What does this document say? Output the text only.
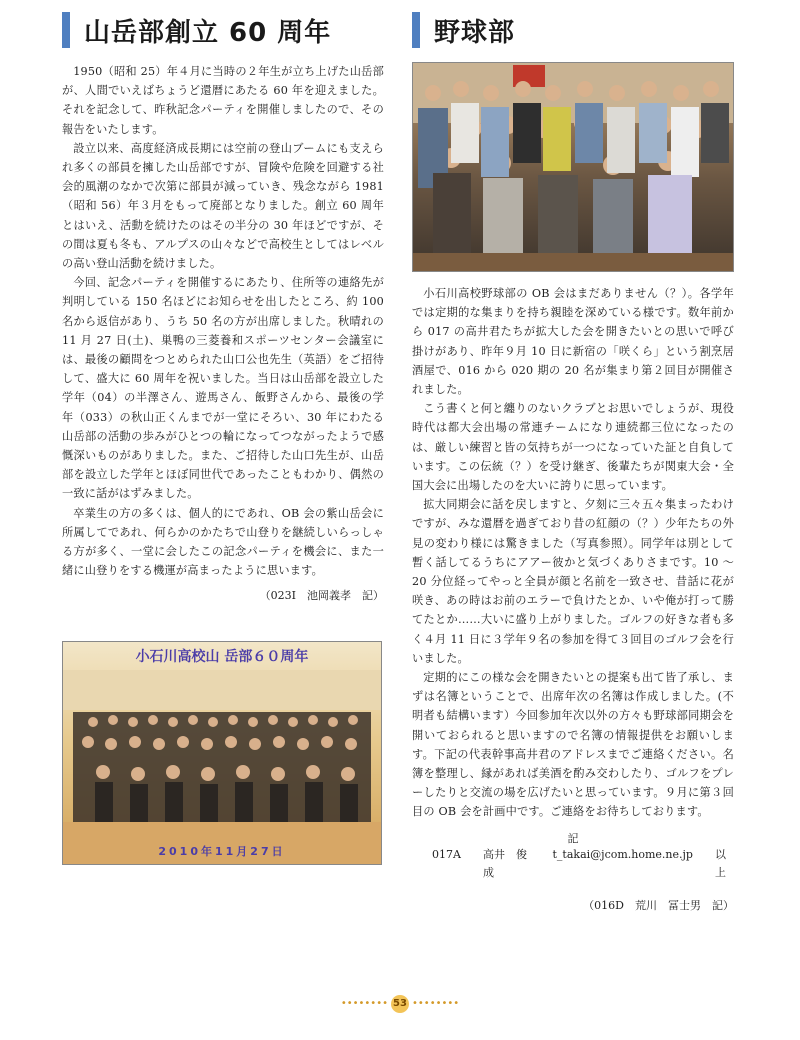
山岳部創立 60 周年

1950（昭和 25）年４月に当時の２年生が立ち上げた山岳部が、人間でいえばちょうど還暦にあたる 60 年を迎えました。それを記念して、昨秋記念パーティを開催しましたので、その報告をいたします。

設立以来、高度経済成長期には空前の登山ブームにも支えられ多くの部員を擁した山岳部ですが、冒険や危険を回避する社会的風潮のなかで次第に部員が減っていき、残念ながら 1981（昭和 56）年３月をもって廃部となりました。創立 60 周年とはいえ、活動を続けたのはその半分の 30 年ほどですが、その間は夏も冬も、アルプスの山々などで高校生としてはレベルの高い登山活動を続けました。

今回、記念パーティを開催するにあたり、住所等の連絡先が判明している 150 名ほどにお知らせを出したところ、約 100 名から返信があり、うち 50 名の方が出席しました。秋晴れの 11 月 27 日(土)、巣鴨の三菱養和スポーツセンター会議室には、最後の顧問をつとめられた山口公也先生（英語）をご招待して、盛大に 60 周年を祝いました。当日は山岳部を設立した学年（04）の半澤さん、遊馬さん、飯野さんから、最後の学年（033）の秋山正くんまでが一堂にそろい、30 年にわたる山岳部の活動の歩みがひとつの輪になってつながったようで感慨深いものがありました。また、ご招待した山口先生が、山岳部を設立した学年とほぼ同世代であったこともわかり、偶然の一致に話がはずみました。

卒業生の方の多くは、個人的にであれ、OB 会の紫山岳会に所属してであれ、何らかのかたちで山登りを継続しいらっしゃる方が多く、一堂に会したこの記念パーティを機会に、また一緒に山登りをする機運が高まったように思います。

（023I　池岡義孝　記）
小石川高校山 岳部６０周年
2010年11月27日
野球部

小石川高校野球部の OB 会はまだありません（？）。各学年では定期的な集まりを持ち親睦を深めている様です。数年前から 017 の高井君たちが拡大した会を開きたいとの思いで呼び掛けがあり、昨年９月 10 日に新宿の「咲くら」という割烹居酒屋で、016 から 020 期の 20 名が集まり第２回目が開催されました。

こう書くと何と纏りのないクラブとお思いでしょうが、現役時代は都大会出場の常連チームになり連続都三位になったのは、厳しい練習と皆の気持ちが一つになっていた証と自負しています。この伝統（？）を受け継ぎ、後輩たちが関東大会・全国大会に出場したのを大いに誇りに思っています。

拡大同期会に話を戻しますと、夕刻に三々五々集まったわけですが、みな還暦を過ぎており昔の紅顔の（？）少年たちの外見の変わり様には驚きました（写真参照）。同学年は別として暫く話してるうちにアアー彼かと気づくありさまです。10 ～ 20 分位経ってやっと全員が顔と名前を一致させ、昔話に花が咲き、あの時はお前のエラーで負けたとか、いや俺が打って勝てたとか……大いに盛り上がりました。ゴルフの好きな者も多く４月 11 日に３学年９名の参加を得て３回目のゴルフ会を行いました。

定期的にこの様な会を開きたいとの提案も出て皆了承し、まずは名簿ということで、出席年次の名簿は作成しました。(不明者も結構います）今回参加年次以外の方々も野球部同期会を開いておられると思いますので名簿の情報提供をお願いします。下記の代表幹事高井君のアドレスまでご連絡ください。名簿を整理し、縁があれば美酒を酌み交わしたり、ゴルフをプレーしたりと交流の場を広げたいと思っています。９月に第３回目の OB 会を計画中です。ご連絡をお待ちしております。

記
017A 高井　俊成
t_takai@jcom.home.ne.jp 以上
（016D　荒川　冨士男　記）
•••••••• 53 ••••••••
